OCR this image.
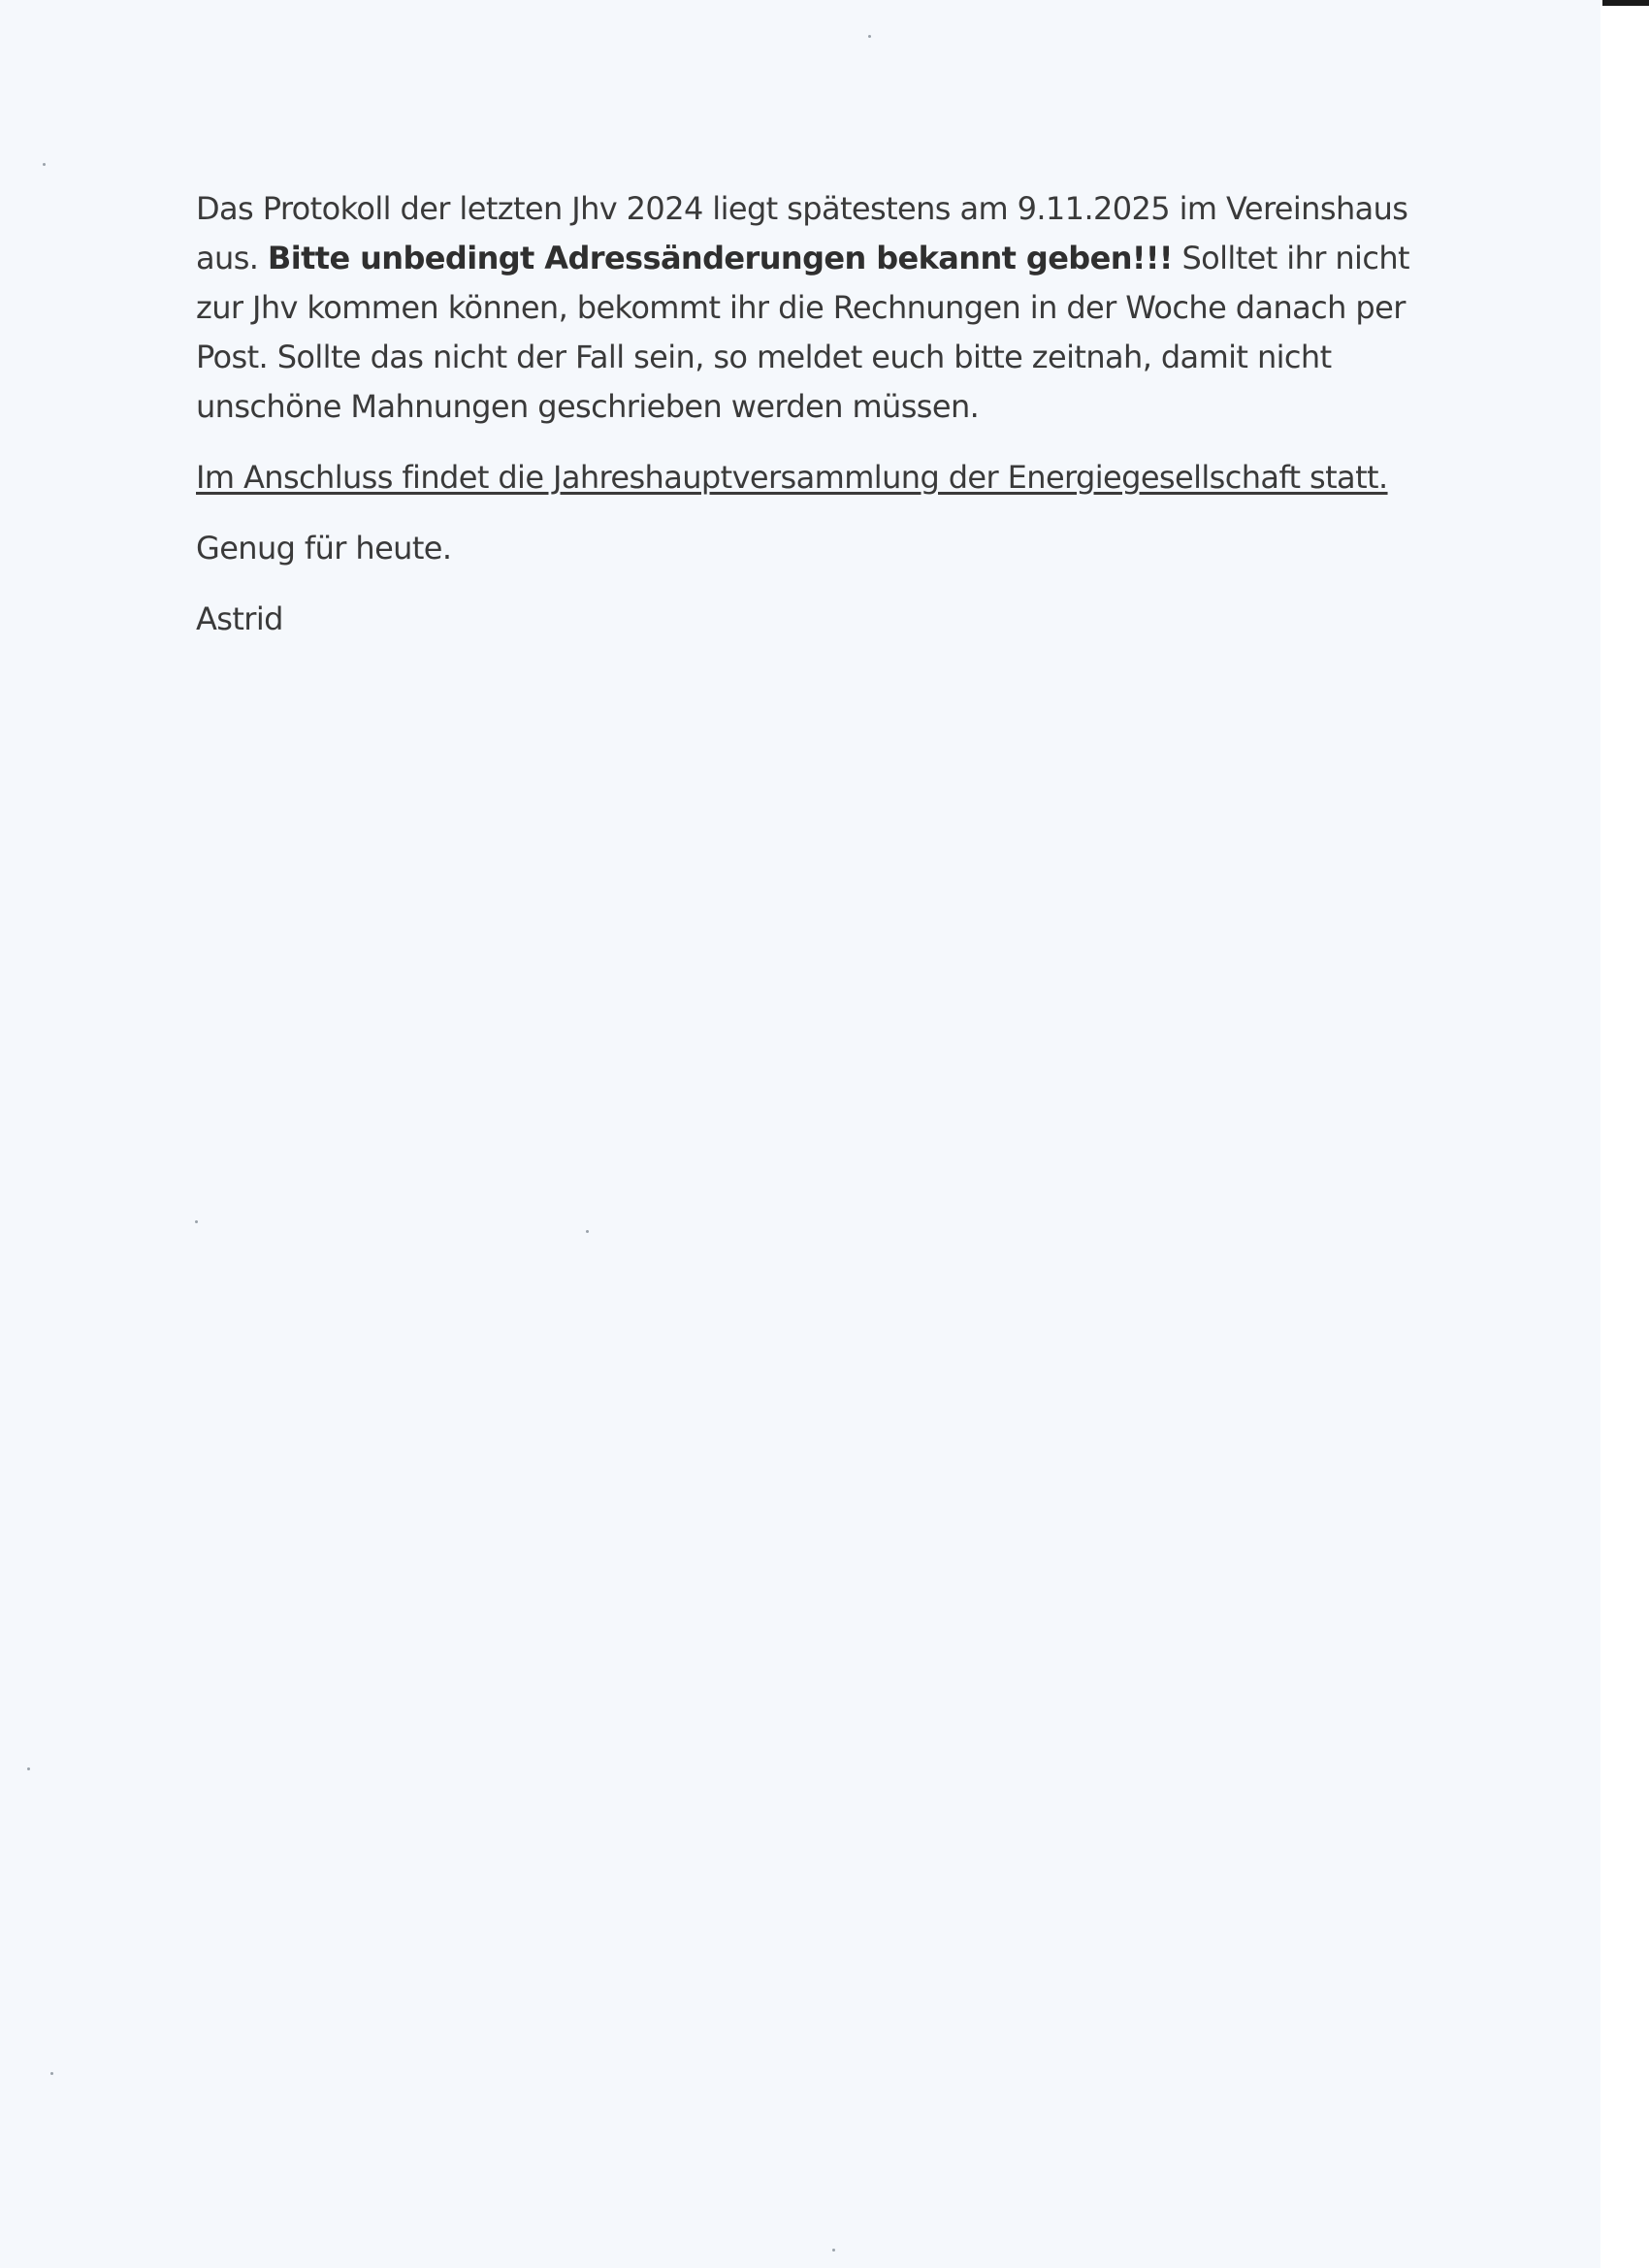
Das Protokoll der letzten Jhv 2024 liegt spätestens am 9.11.2025 im Vereinshaus aus. Bitte unbedingt Adressänderungen bekannt geben!!! Solltet ihr nicht zur Jhv kommen können, bekommt ihr die Rechnungen in der Woche danach per Post. Sollte das nicht der Fall sein, so meldet euch bitte zeitnah, damit nicht unschöne Mahnungen geschrieben werden müssen.

Im Anschluss findet die Jahreshauptversammlung der Energiegesellschaft statt.

Genug für heute.

Astrid
